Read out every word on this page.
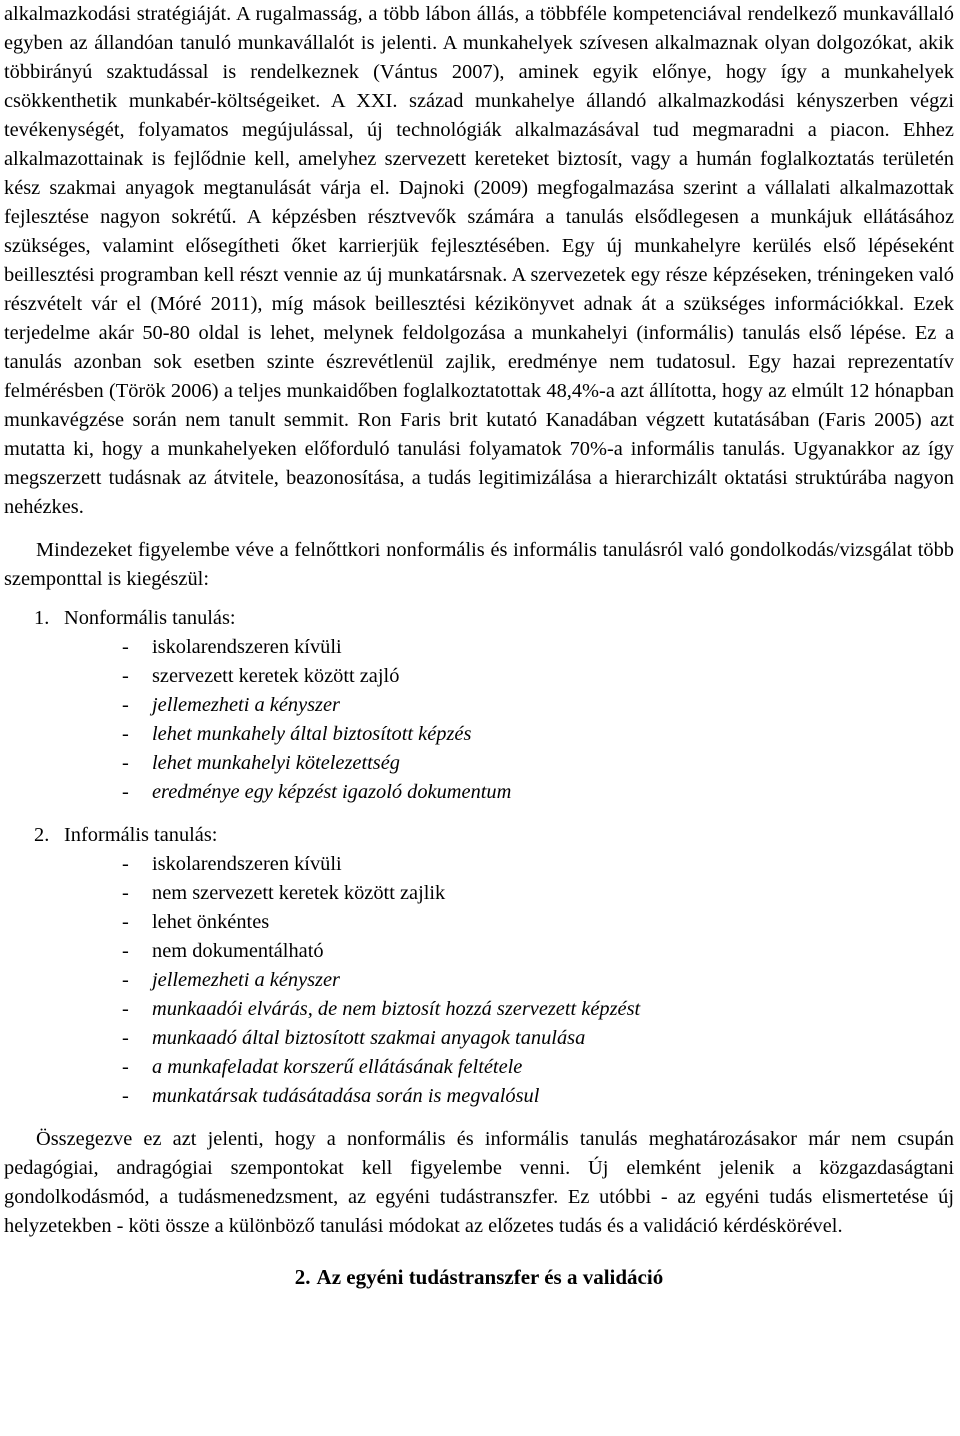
alkalmazkodási stratégiáját. A rugalmasság, a több lábon állás, a többféle kompetenciával rendelkező munkavállaló egyben az állandóan tanuló munkavállalót is jelenti. A munkahelyek szívesen alkalmaznak olyan dolgozókat, akik többirányú szaktudással is rendelkeznek (Vántus 2007), aminek egyik előnye, hogy így a munkahelyek csökkenthetik munkabér-költségeiket. A XXI. század munkahelye állandó alkalmazkodási kényszerben végzi tevékenységét, folyamatos megújulással, új technológiák alkalmazásával tud megmaradni a piacon. Ehhez alkalmazottainak is fejlődnie kell, amelyhez szervezett kereteket biztosít, vagy a humán foglalkoztatás területén kész szakmai anyagok megtanulását várja el. Dajnoki (2009) megfogalmazása szerint a vállalati alkalmazottak fejlesztése nagyon sokrétű. A képzésben résztvevők számára a tanulás elsődlegesen a munkájuk ellátásához szükséges, valamint elősegítheti őket karrierjük fejlesztésében. Egy új munkahelyre kerülés első lépéseként beillesztési programban kell részt vennie az új munkatársnak. A szervezetek egy része képzéseken, tréningeken való részvételt vár el (Móré 2011), míg mások beillesztési kézikönyvet adnak át a szükséges információkkal. Ezek terjedelme akár 50-80 oldal is lehet, melynek feldolgozása a munkahelyi (informális) tanulás első lépése. Ez a tanulás azonban sok esetben szinte észrevétlenül zajlik, eredménye nem tudatosul. Egy hazai reprezentatív felmérésben (Török 2006) a teljes munkaidőben foglalkoztatottak 48,4%-a azt állította, hogy az elmúlt 12 hónapban munkavégzése során nem tanult semmit. Ron Faris brit kutató Kanadában végzett kutatásában (Faris 2005) azt mutatta ki, hogy a munkahelyeken előforduló tanulási folyamatok 70%-a informális tanulás. Ugyanakkor az így megszerzett tudásnak az átvitele, beazonosítása, a tudás legitimizálása a hierarchizált oktatási struktúrába nagyon nehézkes.

Mindezeket figyelembe véve a felnőttkori nonformális és informális tanulásról való gondolkodás/vizsgálat több szemponttal is kiegészül:

1. Nonformális tanulás:
-	iskolarendszeren kívüli
-	szervezett keretek között zajló
-	jellemezheti a kényszer
-	lehet munkahely által biztosított képzés
-	lehet munkahelyi kötelezettség
-	eredménye egy képzést igazoló dokumentum
2. Informális tanulás:
-	iskolarendszeren kívüli
-	nem szervezett keretek között zajlik
-	lehet önkéntes
-	nem dokumentálható
-	jellemezheti a kényszer
-	munkaadói elvárás, de nem biztosít hozzá szervezett képzést
-	munkaadó által biztosított szakmai anyagok tanulása
-	a munkafeladat korszerű ellátásának feltétele
-	munkatársak tudásátadása során is megvalósul

Összegezve ez azt jelenti, hogy a nonformális és informális tanulás meghatározásakor már nem csupán pedagógiai, andragógiai szempontokat kell figyelembe venni. Új elemként jelenik a közgazdaságtani gondolkodásmód, a tudásmenedzsment, az egyéni tudástranszfer. Ez utóbbi - az egyéni tudás elismertetése új helyzetekben - köti össze a különböző tanulási módokat az előzetes tudás és a validáció kérdéskörével.

2. Az egyéni tudástranszfer és a validáció
